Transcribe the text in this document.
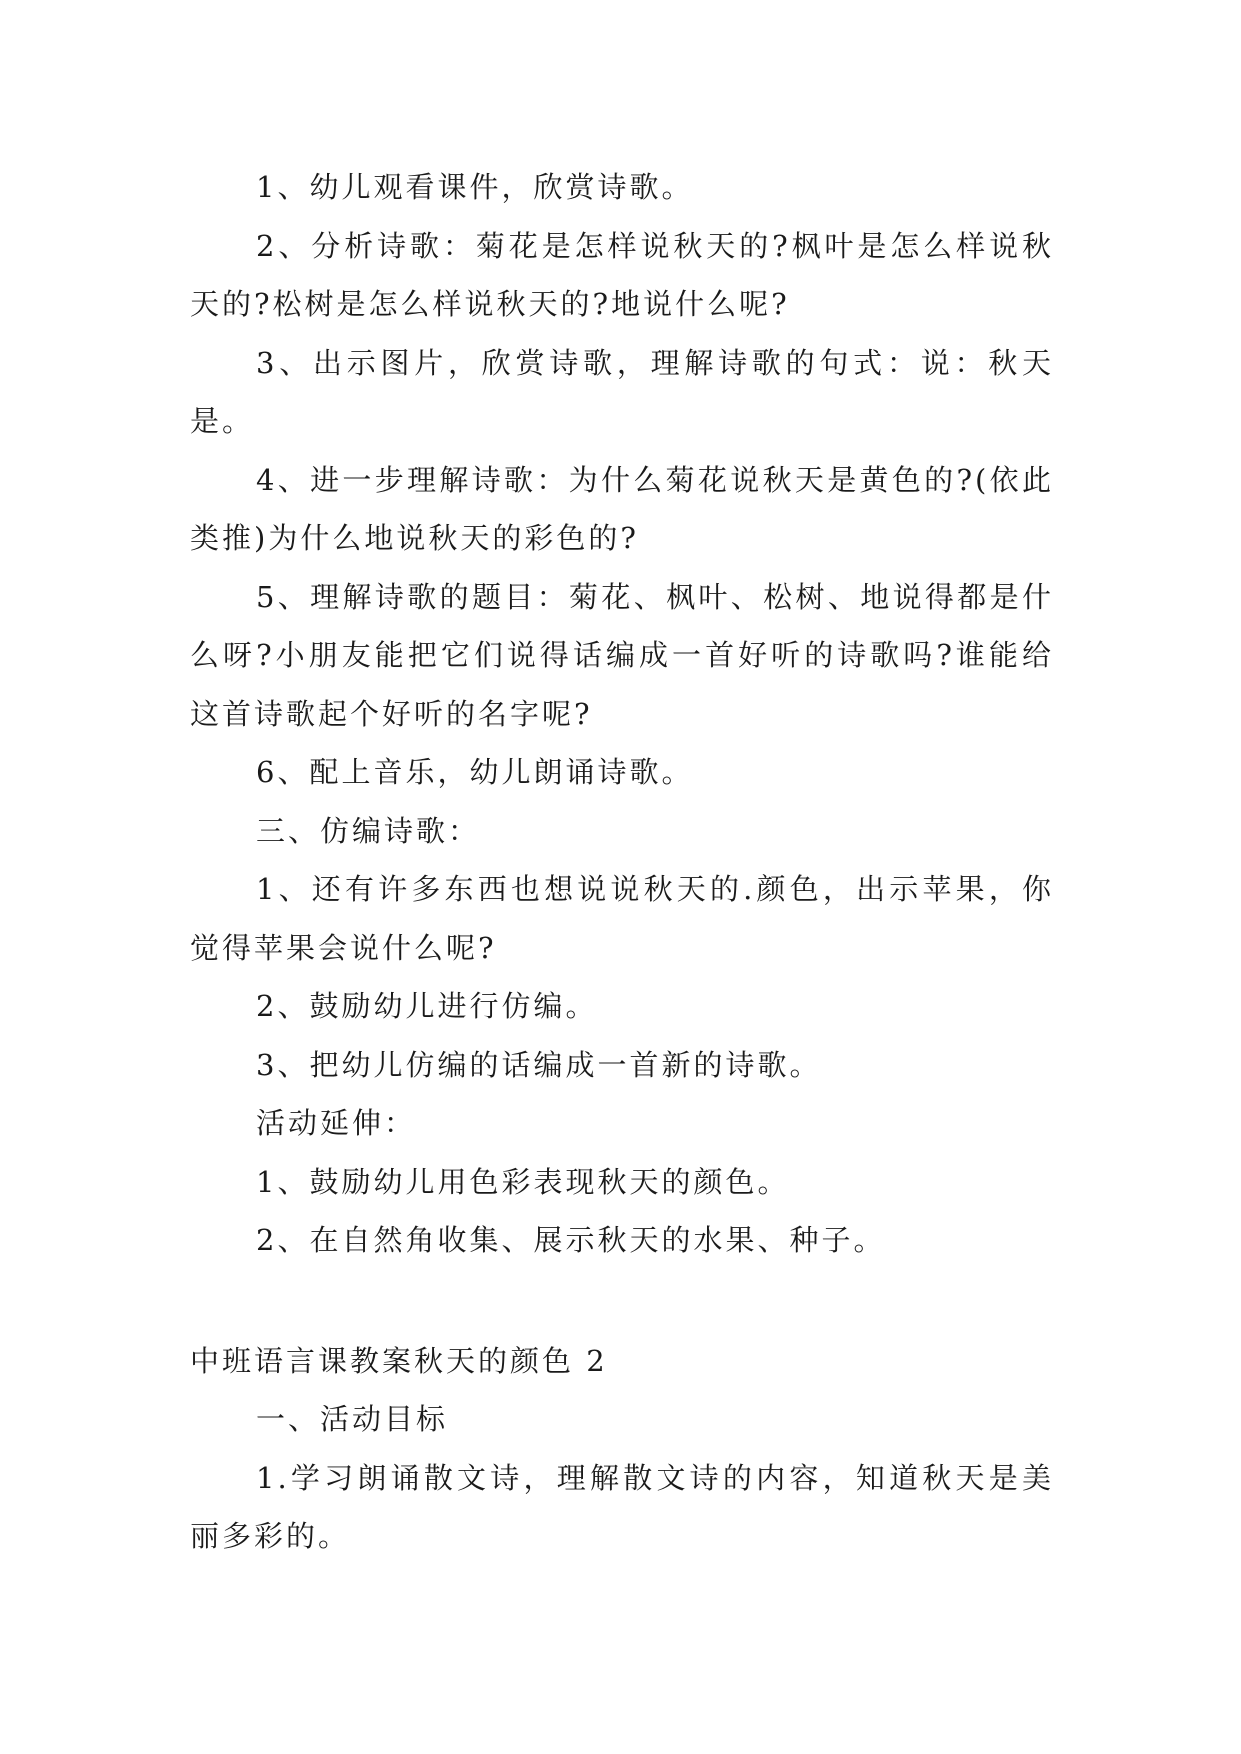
1、幼儿观看课件，欣赏诗歌。

2、分析诗歌：菊花是怎样说秋天的?枫叶是怎么样说秋天的?松树是怎么样说秋天的?地说什么呢?

3、出示图片，欣赏诗歌，理解诗歌的句式：说：秋天是。

4、进一步理解诗歌：为什么菊花说秋天是黄色的?(依此类推)为什么地说秋天的彩色的?

5、理解诗歌的题目：菊花、枫叶、松树、地说得都是什么呀?小朋友能把它们说得话编成一首好听的诗歌吗?谁能给这首诗歌起个好听的名字呢?

6、配上音乐，幼儿朗诵诗歌。

三、仿编诗歌：

1、还有许多东西也想说说秋天的.颜色，出示苹果，你觉得苹果会说什么呢?

2、鼓励幼儿进行仿编。

3、把幼儿仿编的话编成一首新的诗歌。

活动延伸：

1、鼓励幼儿用色彩表现秋天的颜色。

2、在自然角收集、展示秋天的水果、种子。

中班语言课教案秋天的颜色 2

一、活动目标

1.学习朗诵散文诗，理解散文诗的内容，知道秋天是美丽多彩的。
